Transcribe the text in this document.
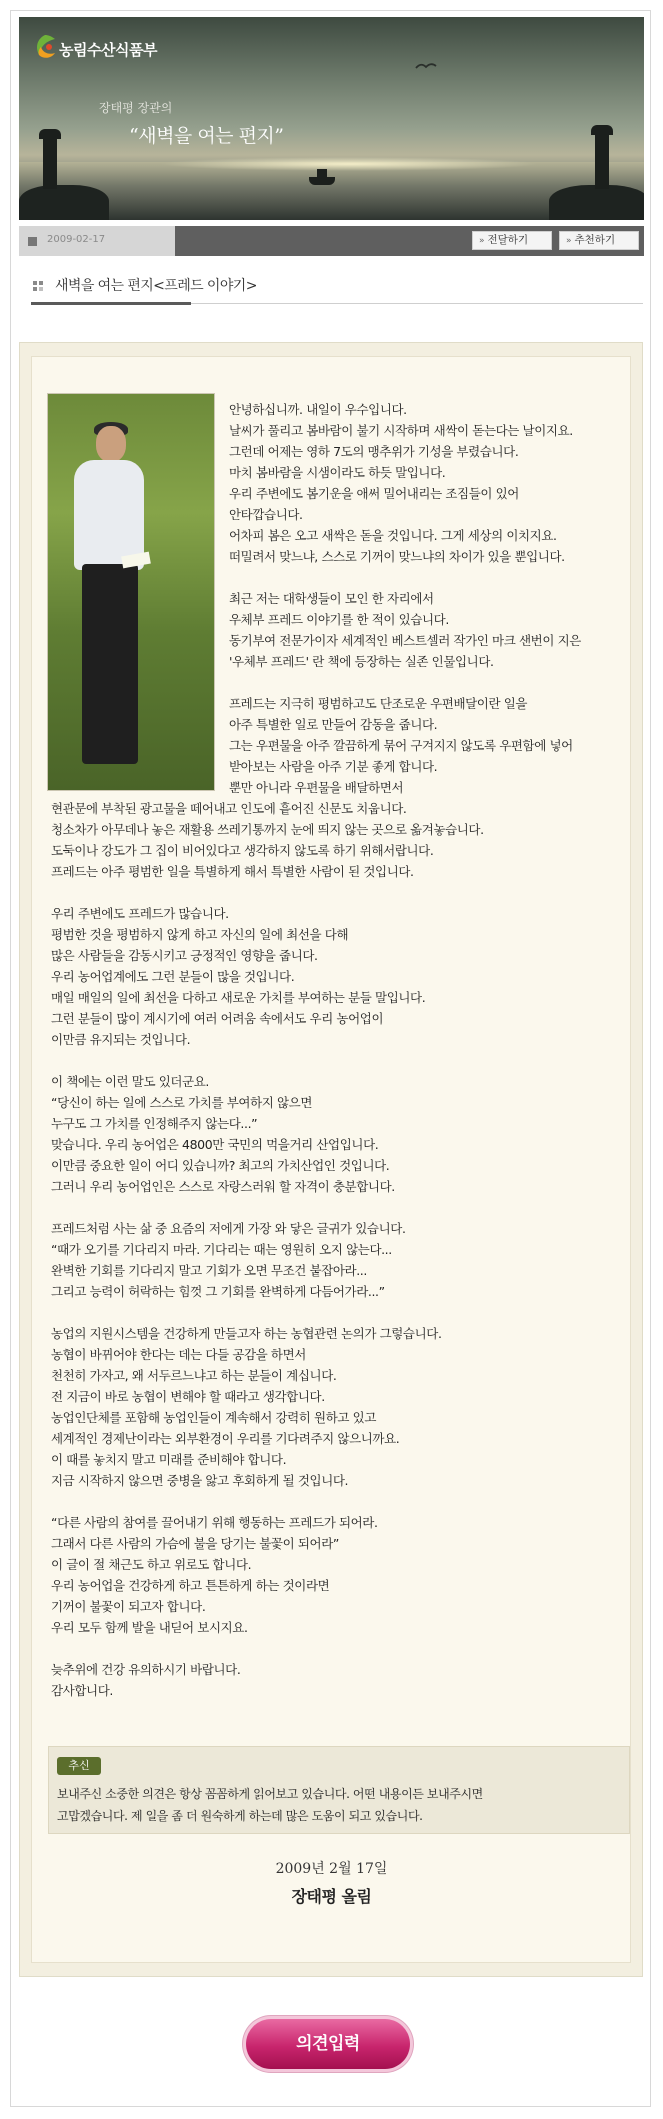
농림수산식품부
장태평 장관의
“새벽을 여는 편지”
2009-02-17	» 전달하기	» 추천하기
새벽을 여는 편지<프레드 이야기>

안녕하십니까. 내일이 우수입니다.

날씨가 풀리고 봄바람이 불기 시작하며 새싹이 돋는다는 날이지요.

그런데 어제는 영하 7도의 맹추위가 기성을 부렸습니다.

마치 봄바람을 시샘이라도 하듯 말입니다.

우리 주변에도 봄기운을 애써 밀어내리는 조짐들이 있어

안타깝습니다.

어차피 봄은 오고 새싹은 돋을 것입니다. 그게 세상의 이치지요.

떠밀려서 맞느냐, 스스로 기꺼이 맞느냐의 차이가 있을 뿐입니다.

최근 저는 대학생들이 모인 한 자리에서

우체부 프레드 이야기를 한 적이 있습니다.

동기부여 전문가이자 세계적인 베스트셀러 작가인 마크 샌번이 지은

'우체부 프레드' 란 책에 등장하는 실존 인물입니다.

프레드는 지극히 평범하고도 단조로운 우편배달이란 일을

아주 특별한 일로 만들어 감동을 줍니다.

그는 우편물을 아주 깔끔하게 묶어 구겨지지 않도록 우편함에 넣어

받아보는 사람을 아주 기분 좋게 합니다.

뿐만 아니라 우편물을 배달하면서

현관문에 부착된 광고물을 떼어내고 인도에 흩어진 신문도 치웁니다.

청소차가 아무데나 놓은 재활용 쓰레기통까지 눈에 띄지 않는 곳으로 옮겨놓습니다.

도둑이나 강도가 그 집이 비어있다고 생각하지 않도록 하기 위해서랍니다.

프레드는 아주 평범한 일을 특별하게 해서 특별한 사람이 된 것입니다.

우리 주변에도 프레드가 많습니다.

평범한 것을 평범하지 않게 하고 자신의 일에 최선을 다해

많은 사람들을 감동시키고 긍정적인 영향을 줍니다.

우리 농어업계에도 그런 분들이 많을 것입니다.

매일 매일의 일에 최선을 다하고 새로운 가치를 부여하는 분들 말입니다.

그런 분들이 많이 계시기에 여러 어려움 속에서도 우리 농어업이

이만큼 유지되는 것입니다.

이 책에는 이런 말도 있더군요.

“당신이 하는 일에 스스로 가치를 부여하지 않으면

누구도 그 가치를 인정해주지 않는다...”

맞습니다. 우리 농어업은 4800만 국민의 먹을거리 산업입니다.

이만큼 중요한 일이 어디 있습니까? 최고의 가치산업인 것입니다.

그러니 우리 농어업인은 스스로 자랑스러워 할 자격이 충분합니다.

프레드처럼 사는 삶 중 요즘의 저에게 가장 와 닿은 글귀가 있습니다.

“때가 오기를 기다리지 마라. 기다리는 때는 영원히 오지 않는다...

완벽한 기회를 기다리지 말고 기회가 오면 무조건 붙잡아라...

그리고 능력이 허락하는 힘껏 그 기회를 완벽하게 다듬어가라...”

농업의 지원시스템을 건강하게 만들고자 하는 농협관련 논의가 그렇습니다.

농협이 바뀌어야 한다는 데는 다들 공감을 하면서

천천히 가자고, 왜 서두르느냐고 하는 분들이 계십니다.

전 지금이 바로 농협이 변해야 할 때라고 생각합니다.

농업인단체를 포함해 농업인들이 계속해서 강력히 원하고 있고

세계적인 경제난이라는 외부환경이 우리를 기다려주지 않으니까요.

이 때를 놓치지 말고 미래를 준비해야 합니다.

지금 시작하지 않으면 중병을 앓고 후회하게 될 것입니다.

“다른 사람의 참여를 끌어내기 위해 행동하는 프레드가 되어라.

그래서 다른 사람의 가슴에 불을 당기는 불꽃이 되어라”

이 글이 절 채근도 하고 위로도 합니다.

우리 농어업을 건강하게 하고 튼튼하게 하는 것이라면

기꺼이 불꽃이 되고자 합니다.

우리 모두 함께 발을 내딛어 보시지요.

늦추위에 건강 유의하시기 바랍니다.

감사합니다.

추신

보내주신 소중한 의견은 항상 꼼꼼하게 읽어보고 있습니다. 어떤 내용이든 보내주시면

고맙겠습니다. 제 일을 좀 더 원숙하게 하는데 많은 도움이 되고 있습니다.

2009년 2월 17일
장태평 올림
의견입력
